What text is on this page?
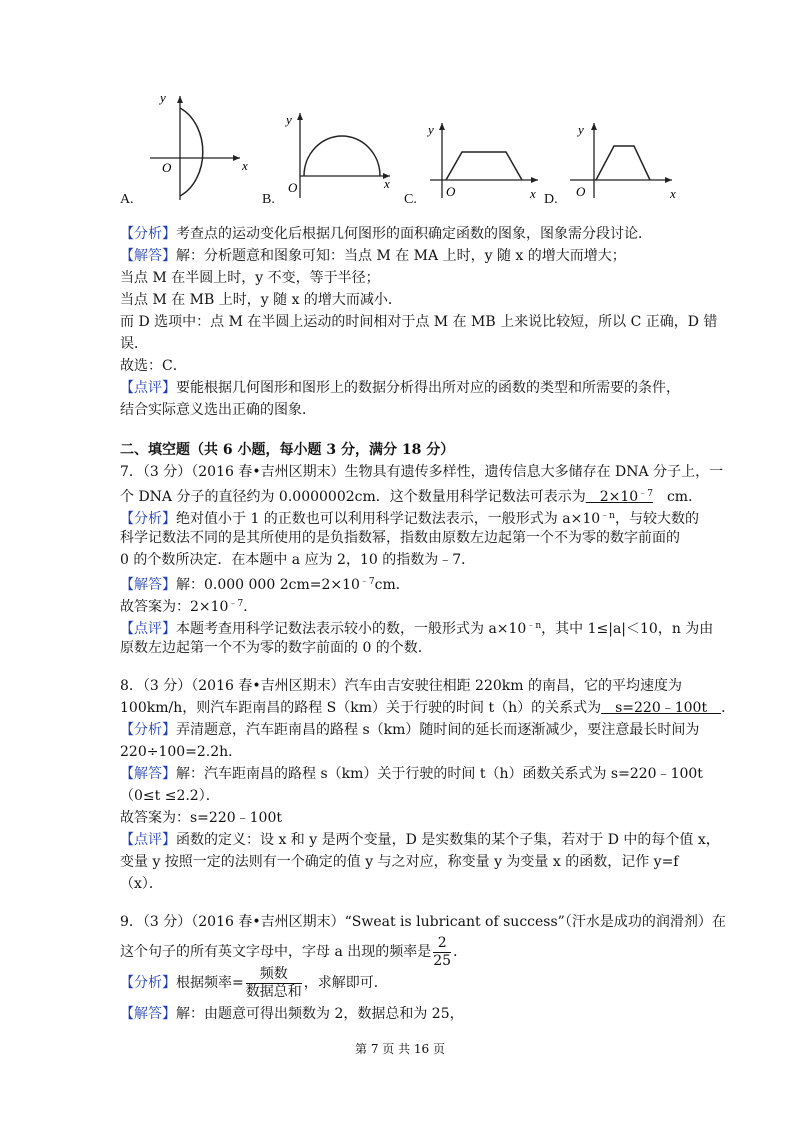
A.
y
x
O
B.
y
x
O
C.
y
x
O
D.
y
x
O
【分析】考查点的运动变化后根据几何图形的面积确定函数的图象，图象需分段讨论．
【解答】解：分析题意和图象可知：当点 M 在 MA 上时，y 随 x 的增大而增大；
当点 M 在半圆上时，y 不变，等于半径；
当点 M 在 MB 上时，y 随 x 的增大而减小．
而 D 选项中：点 M 在半圆上运动的时间相对于点 M 在 MB 上来说比较短，所以 C 正确，D 错
误．
故选：C．
【点评】要能根据几何图形和图形上的数据分析得出所对应的函数的类型和所需要的条件，
结合实际意义选出正确的图象．
二、填空题（共 6 小题，每小题 3 分，满分 18 分）
7．（3 分）（2016 春•吉州区期末）生物具有遗传多样性，遗传信息大多储存在 DNA 分子上，一
个 DNA 分子的直径约为 0.0000002cm．这个数量用科学记数法可表示为　$2\times 10^{﹣7}$　cm．
【分析】绝对值小于 1 的正数也可以利用科学记数法表示，一般形式为 $a\times 10^{﹣n}$，与较大数的
科学记数法不同的是其所使用的是负指数幂，指数由原数左边起第一个不为零的数字前面的
0 的个数所决定．在本题中 a 应为 2，10 的指数为﹣7．
【解答】解：0.000 000 $2cm=2\times 10^{﹣7}cm$．
故答案为：$2\times 10^{﹣7}$．
【点评】本题考查用科学记数法表示较小的数，一般形式为 $a\times 10^{﹣n}$，其中 1≤|a|＜10，n 为由
原数左边起第一个不为零的数字前面的 0 的个数．
8．（3 分）（2016 春•吉州区期末）汽车由吉安驶往相距 220km 的南昌，它的平均速度为
100km/h，则汽车距南昌的路程 S（km）关于行驶的时间 t（h）的关系式为　s=220﹣100t　．
【分析】弄清题意，汽车距南昌的路程 s（km）随时间的延长而逐渐减少，要注意最长时间为
220÷100=2.2h．
【解答】解：汽车距南昌的路程 s（km）关于行驶的时间 t（h）函数关系式为 s=220﹣100t
（0≤t ≤2.2）．
故答案为：s=220﹣100t
【点评】函数的定义：设 x 和 y 是两个变量，D 是实数集的某个子集，若对于 D 中的每个值 x，
变量 y 按照一定的法则有一个确定的值 y 与之对应，称变量 y 为变量 x 的函数，记作 y=f
（x）．
9．（3 分）（2016 春•吉州区期末）“Sweat is lubricant of success”（汗水是成功的润滑剂）在
这个句子的所有英文字母中，字母 a 出现的频率是 $\frac{2}{25}$ ．
【分析】根据频率= $\frac{\text{频数}}{\text{数据总和}}$ ，求解即可．
【解答】解：由题意可得出频数为 2，数据总和为 25，
第 7 页 共 16 页
